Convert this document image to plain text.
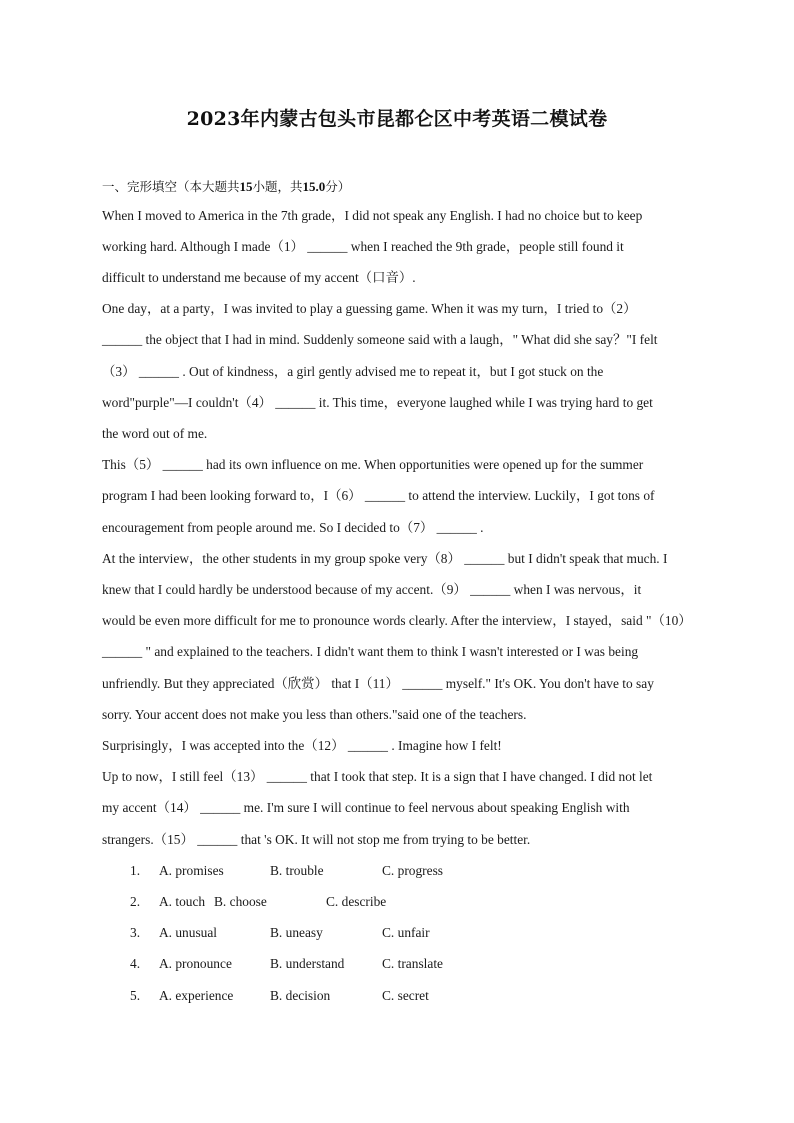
2023年内蒙古包头市昆都仑区中考英语二模试卷
一、完形填空（本大题共15小题，共15.0分）
When I moved to America in the 7th grade，I did not speak any English. I had no choice but to keep
working hard. Although I made（1） ______ when I reached the 9th grade，people still found it
difficult to understand me because of my accent（口音）.
One day，at a party，I was invited to play a guessing game. When it was my turn，I tried to（2）
______ the object that I had in mind. Suddenly someone said with a laugh，" What did she say？"I felt
（3） ______ . Out of kindness，a girl gently advised me to repeat it，but I got stuck on the
word"purple"—I couldn't（4） ______ it. This time，everyone laughed while I was trying hard to get
the word out of me.
This（5） ______ had its own influence on me. When opportunities were opened up for the summer
program I had been looking forward to，I（6） ______ to attend the interview. Luckily，I got tons of
encouragement from people around me. So I decided to（7） ______ .
At the interview，the other students in my group spoke very（8） ______ but I didn't speak that much. I
knew that I could hardly be understood because of my accent.（9） ______ when I was nervous，it
would be even more difficult for me to pronounce words clearly. After the interview，I stayed，said "（10）
______ " and explained to the teachers. I didn't want them to think I wasn't interested or I was being
unfriendly. But they appreciated（欣赏） that I（11） ______ myself." It's OK. You don't have to say
sorry. Your accent does not make you less than others."said one of the teachers.
Surprisingly，I was accepted into the（12） ______ . Imagine how I felt!
Up to now，I still feel（13） ______ that I took that step. It is a sign that I have changed. I did not let
my accent（14） ______ me. I'm sure I will continue to feel nervous about speaking English with
strangers.（15） ______ that 's OK. It will not stop me from trying to be better.
1. A. promises	B. trouble	C. progress
2. A. touch B. choose	C. describe
3. A. unusual	B. uneasy	C. unfair
4. A. pronounce	B. understand	C. translate
5. A. experience	B. decision	C. secret
